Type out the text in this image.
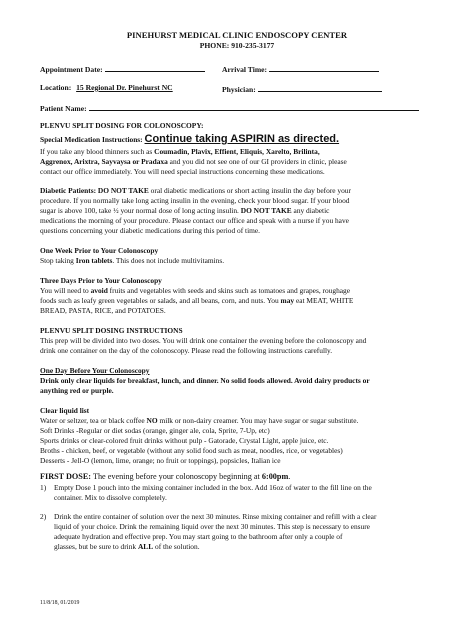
PINEHURST MEDICAL CLINIC ENDOSCOPY CENTER
PHONE: 910-235-3177
Appointment Date:	Arrival Time:
Location: 15 Regional Dr. Pinehurst NC	Physician:
Patient Name:
PLENVU SPLIT DOSING FOR COLONOSCOPY:
Special Medication Instructions: Continue taking ASPIRIN as directed.
If you take any blood thinners such as Coumadin, Plavix, Effient, Eliquis, Xarelto, Brilinta,
Aggrenox, Arixtra, Sayvaysa or Pradaxa and you did not see one of our GI providers in clinic, please
contact our office immediately. You will need special instructions concerning these medications.
Diabetic Patients: DO NOT TAKE oral diabetic medications or short acting insulin the day before your
procedure. If you normally take long acting insulin in the evening, check your blood sugar. If your blood
sugar is above 100, take ½ your normal dose of long acting insulin. DO NOT TAKE any diabetic
medications the morning of your procedure. Please contact our office and speak with a nurse if you have
questions concerning your diabetic medications during this period of time.
One Week Prior to Your Colonoscopy
Stop taking Iron tablets. This does not include multivitamins.
Three Days Prior to Your Colonoscopy
You will need to avoid fruits and vegetables with seeds and skins such as tomatoes and grapes, roughage
foods such as leafy green vegetables or salads, and all beans, corn, and nuts. You may eat MEAT, WHITE
BREAD, PASTA, RICE, and POTATOES.
PLENVU SPLIT DOSING INSTRUCTIONS
This prep will be divided into two doses. You will drink one container the evening before the colonoscopy and
drink one container on the day of the colonoscopy. Please read the following instructions carefully.
One Day Before Your Colonoscopy
Drink only clear liquids for breakfast, lunch, and dinner. No solid foods allowed. Avoid dairy products or
anything red or purple.
Clear liquid list
Water or seltzer, tea or black coffee NO milk or non-dairy creamer. You may have sugar or sugar substitute.
Soft Drinks -Regular or diet sodas (orange, ginger ale, cola, Sprite, 7-Up, etc)
Sports drinks or clear-colored fruit drinks without pulp - Gatorade, Crystal Light, apple juice, etc.
Broths - chicken, beef, or vegetable (without any solid food such as meat, noodles, rice, or vegetables)
Desserts - Jell-O (lemon, lime, orange; no fruit or toppings), popsicles, Italian ice
FIRST DOSE: The evening before your colonoscopy beginning at 6:00pm.
1) Empty Dose 1 pouch into the mixing container included in the box. Add 16oz of water to the fill line on the
container. Mix to dissolve completely.
2) Drink the entire container of solution over the next 30 minutes. Rinse mixing container and refill with a clear
liquid of your choice. Drink the remaining liquid over the next 30 minutes. This step is necessary to ensure
adequate hydration and effective prep. You may start going to the bathroom after only a couple of
glasses, but be sure to drink ALL of the solution.
11/8/18, 01/2019
